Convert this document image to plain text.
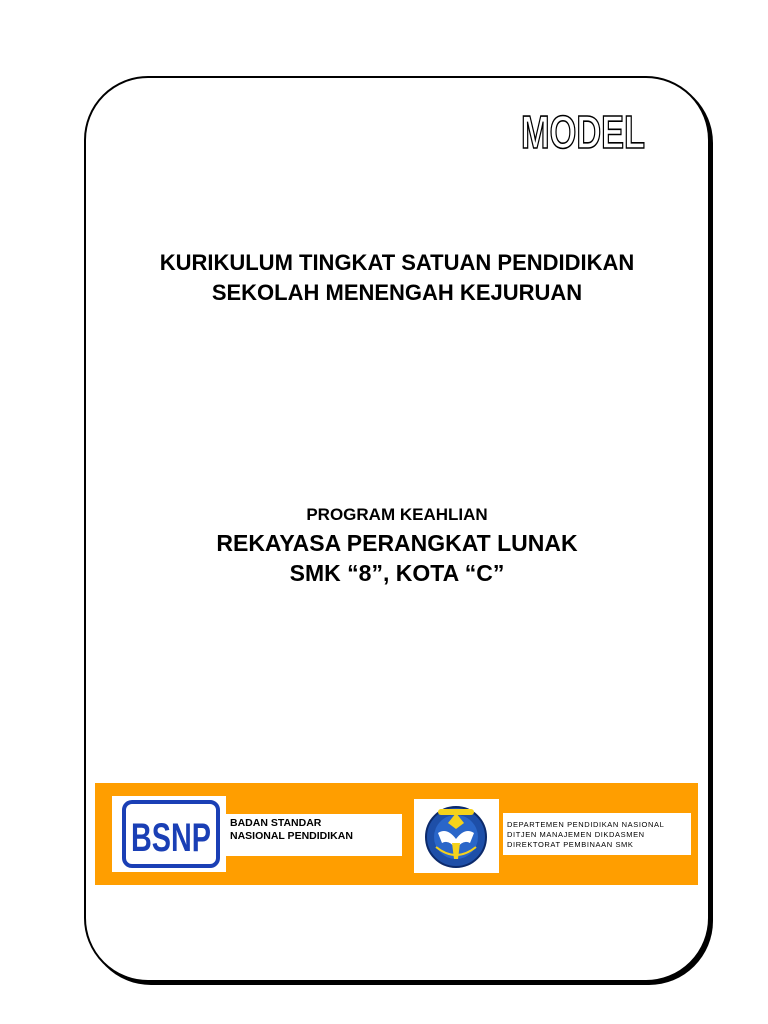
MODEL
KURIKULUM TINGKAT SATUAN PENDIDIKAN
SEKOLAH MENENGAH KEJURUAN
PROGRAM KEAHLIAN
REKAYASA PERANGKAT LUNAK
SMK “8”, KOTA “C”
BSNP BADAN STANDAR
NASIONAL PENDIDIKAN
DEPARTEMEN PENDIDIKAN NASIONAL
DITJEN MANAJEMEN DIKDASMEN
DIREKTORAT PEMBINAAN SMK
